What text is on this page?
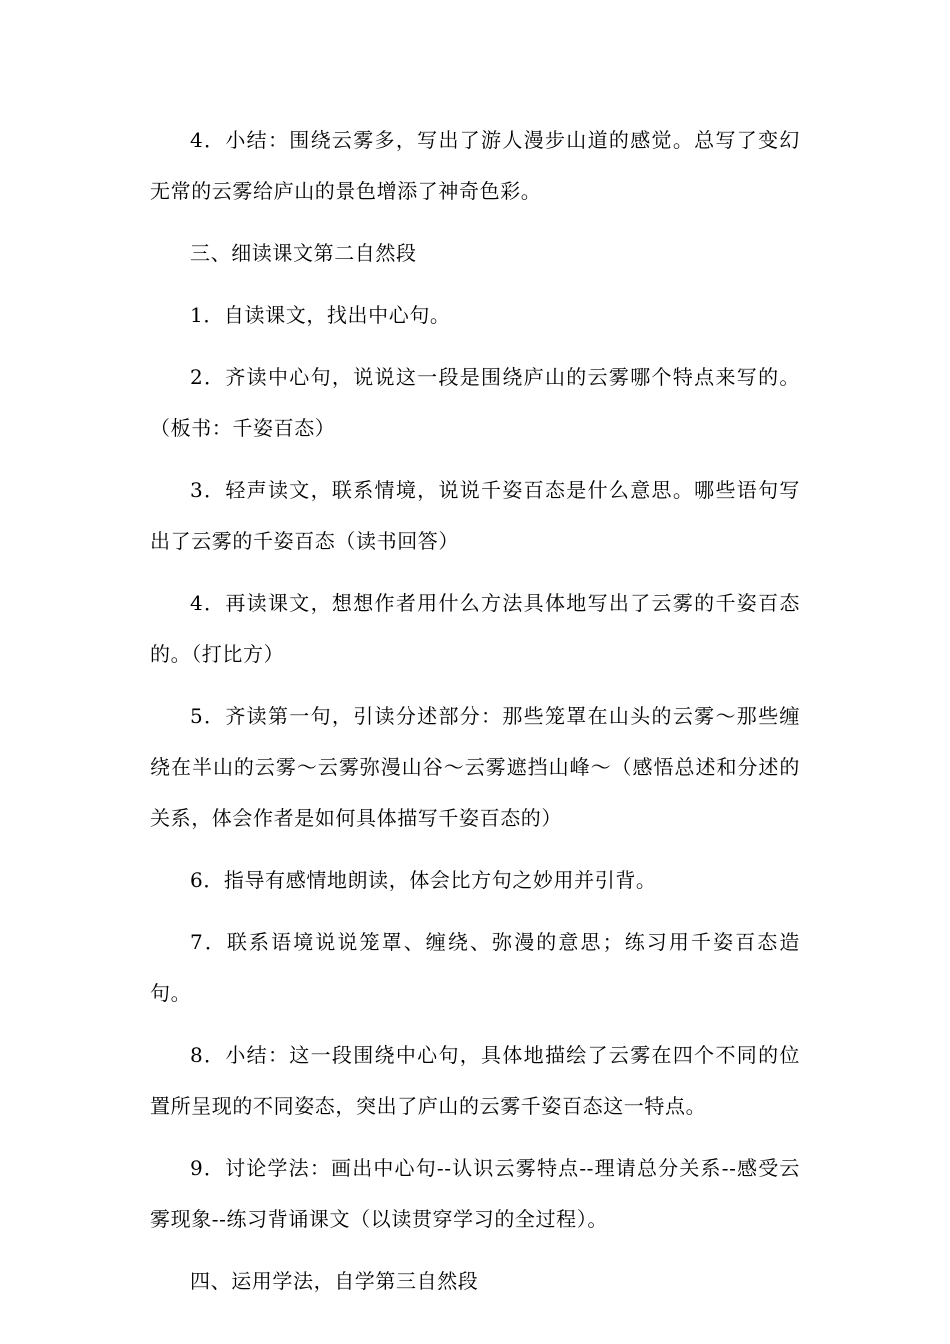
4．小结：围绕云雾多，写出了游人漫步山道的感觉。总写了变幻无常的云雾给庐山的景色增添了神奇色彩。

三、细读课文第二自然段

1．自读课文，找出中心句。

2．齐读中心句，说说这一段是围绕庐山的云雾哪个特点来写的。（板书：千姿百态）

3．轻声读文，联系情境，说说千姿百态是什么意思。哪些语句写出了云雾的千姿百态（读书回答）

4．再读课文，想想作者用什么方法具体地写出了云雾的千姿百态的。（打比方）

5．齐读第一句，引读分述部分：那些笼罩在山头的云雾～那些缠绕在半山的云雾～云雾弥漫山谷～云雾遮挡山峰～（感悟总述和分述的关系，体会作者是如何具体描写千姿百态的）

6．指导有感情地朗读，体会比方句之妙用并引背。

7．联系语境说说笼罩、缠绕、弥漫的意思；练习用千姿百态造句。

8．小结：这一段围绕中心句，具体地描绘了云雾在四个不同的位置所呈现的不同姿态，突出了庐山的云雾千姿百态这一特点。

9．讨论学法：画出中心句--认识云雾特点--理请总分关系--感受云雾现象--练习背诵课文（以读贯穿学习的全过程）。

四、运用学法，自学第三自然段
